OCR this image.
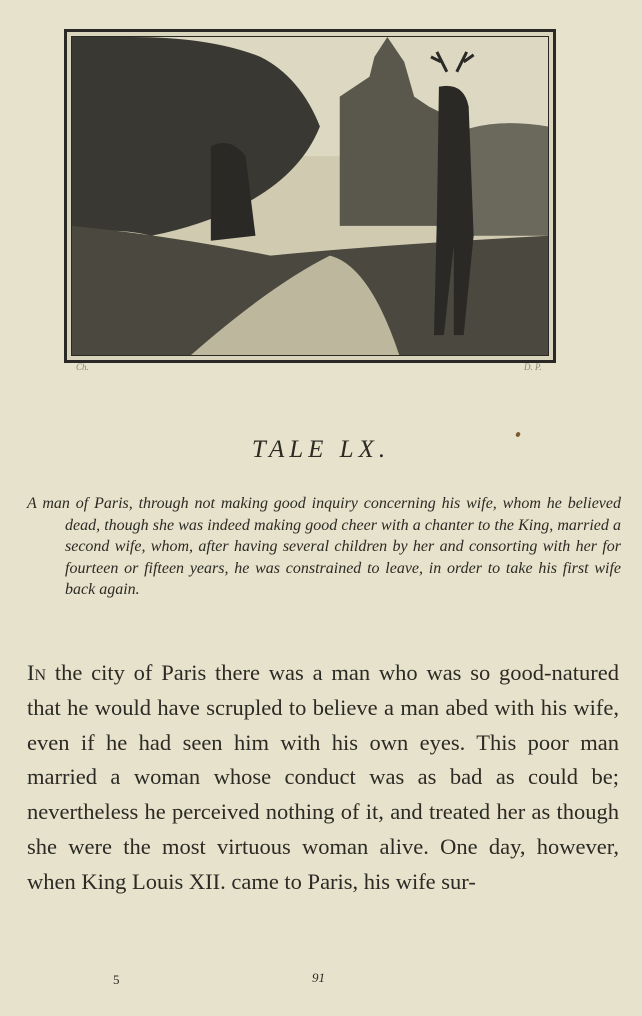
Ch.	D. P.
TALE LX.

A man of Paris, through not making good inquiry concerning his wife, whom he believed dead, though she was indeed making good cheer with a chanter to the King, married a second wife, whom, after having several children by her and consorting with her for fourteen or fifteen years, he was constrained to leave, in order to take his first wife back again.

In the city of Paris there was a man who was so good-natured that he would have scrupled to believe a man abed with his wife, even if he had seen him with his own eyes. This poor man married a woman whose conduct was as bad as could be; nevertheless he perceived nothing of it, and treated her as though she were the most virtuous woman alive. One day, however, when King Louis XII. came to Paris, his wife sur-

5	91
